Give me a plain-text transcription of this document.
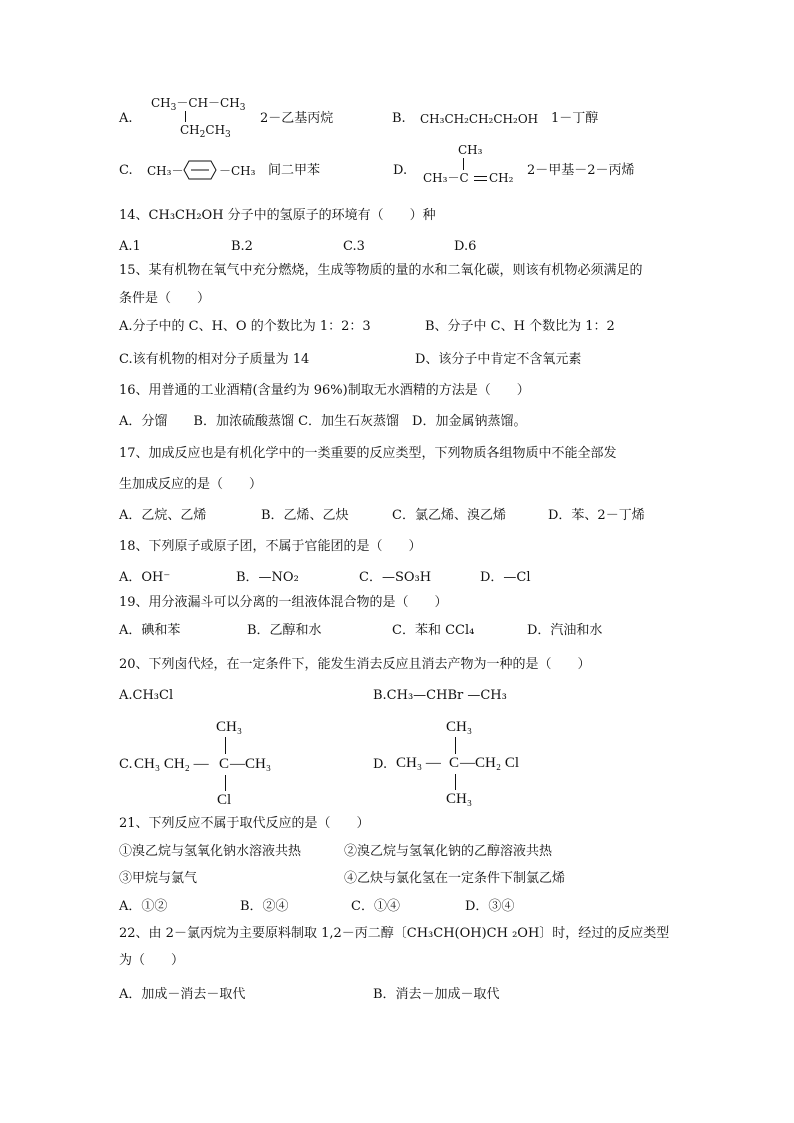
A.
$CH_3-CH-CH_3$
$CH_2CH_3$
2－乙基丙烷	B. CH₃CH₂CH₂CH₂OH 1－丁醇
C. CH₃－	－CH₃ 间二甲苯	D.
CH₃
CH₃－C CH₂ 2－甲基－2－丙烯
14、CH₃CH₂OH 分子中的氢原子的环境有（　　）种
A.1	B.2	C.3	D.6
15、某有机物在氧气中充分燃烧，生成等物质的量的水和二氧化碳，则该有机物必须满足的
条件是（　　）
A.分子中的 C、H、O 的个数比为 1：2：3	B、分子中 C、H 个数比为 1：2
C.该有机物的相对分子质量为 14	D、该分子中肯定不含氧元素
16、用普通的工业酒精(含量约为 96%)制取无水酒精的方法是（　　）
A．分馏　　B．加浓硫酸蒸馏 C．加生石灰蒸馏　D．加金属钠蒸馏。
17、加成反应也是有机化学中的一类重要的反应类型，下列物质各组物质中不能全部发
生加成反应的是（　　）
A．乙烷、乙烯	B．乙烯、乙炔	C．氯乙烯、溴乙烯	D．苯、2－丁烯
18、下列原子或原子团，不属于官能团的是（　　）
A．OH⁻	B．—NO₂	C．—SO₃H	D．—Cl
19、用分液漏斗可以分离的一组液体混合物的是（　　）
A．碘和苯	B．乙醇和水	C．苯和 CCl₄	D．汽油和水
20、下列卤代烃，在一定条件下，能发生消去反应且消去产物为一种的是（　　）
A.CH₃Cl	B.CH₃—CHBr —CH₃
C.
CH₃
CH₃ CH₂ — C —CH₃
Cl
D.
CH₃
CH₃ — C —CH₂ Cl
CH₃
21、下列反应不属于取代反应的是（　　）
①溴乙烷与氢氧化钠水溶液共热	②溴乙烷与氢氧化钠的乙醇溶液共热
③甲烷与氯气	④乙炔与氯化氢在一定条件下制氯乙烯
A．①②	B．②④	C．①④	D．③④
22、由 2－氯丙烷为主要原料制取 1,2－丙二醇〔CH₃CH(OH)CH ₂OH〕时，经过的反应类型
为（　　）
A．加成－消去－取代	B．消去－加成－取代
